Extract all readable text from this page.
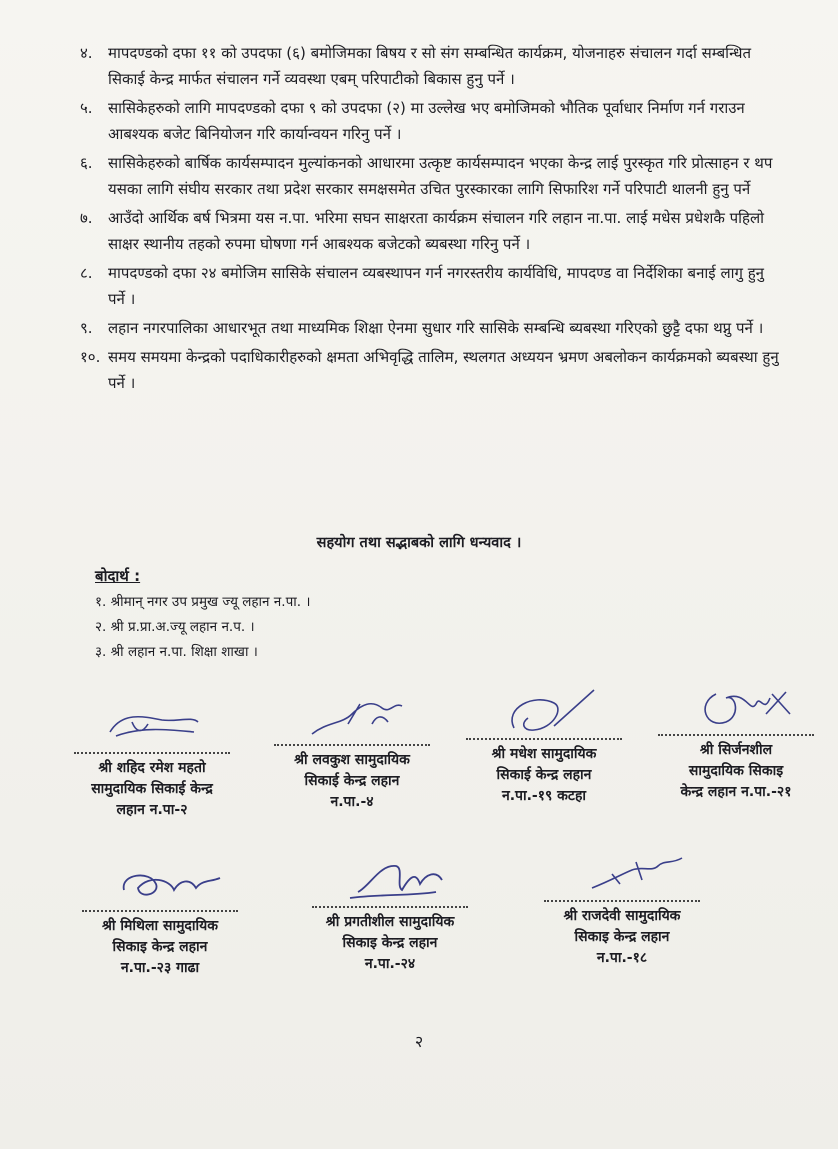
४.	मापदण्डको दफा ११ को उपदफा (६) बमोजिमका बिषय र सो संग सम्बन्धित कार्यक्रम, योजनाहरु संचालन गर्दा सम्बन्धित सिकाई केन्द्र मार्फत संचालन गर्ने व्यवस्था एबम् परिपाटीको बिकास हुनु पर्ने ।
५.	सासिकेहरुको लागि मापदण्डको दफा ९ को उपदफा (२) मा उल्लेख भए बमोजिमको भौतिक पूर्वाधार निर्माण गर्न गराउन आबश्यक बजेट बिनियोजन गरि कार्यान्वयन गरिनु पर्ने ।
६.	सासिकेहरुको बार्षिक कार्यसम्पादन मुल्यांकनको आधारमा उत्कृष्ट कार्यसम्पादन भएका केन्द्र लाई पुरस्कृत गरि प्रोत्साहन र थप यसका लागि संघीय सरकार तथा प्रदेश सरकार समक्षसमेत उचित पुरस्कारका लागि सिफारिश गर्ने परिपाटी थालनी हुनु पर्ने
७.	आउँदो आर्थिक बर्ष भित्रमा यस न.पा. भरिमा सघन साक्षरता कार्यक्रम संचालन गरि लहान ना.पा. लाई मधेस प्रधेशकै पहिलो साक्षर स्थानीय तहको रुपमा घोषणा गर्न आबश्यक बजेटको ब्यबस्था गरिनु पर्ने ।
८.	मापदण्डको दफा २४ बमोजिम सासिके संचालन व्यबस्थापन गर्न नगरस्तरीय कार्यविधि, मापदण्ड वा निर्देशिका बनाई लागु हुनु पर्ने ।
९.	लहान नगरपालिका आधारभूत तथा माध्यमिक शिक्षा ऐनमा सुधार गरि सासिके सम्बन्धि ब्यबस्था गरिएको छुट्टै दफा थप्नु पर्ने ।
१०. समय समयमा केन्द्रको पदाधिकारीहरुको क्षमता अभिवृद्धि तालिम, स्थलगत अध्ययन भ्रमण अबलोकन कार्यक्रमको ब्यबस्था हुनु पर्ने ।
सहयोग तथा सद्भाबको लागि धन्यवाद ।
बोदार्थ :
१. श्रीमान् नगर उप प्रमुख ज्यू लहान न.पा. ।
२. श्री प्र.प्रा.अ.ज्यू लहान न.प. ।
३. श्री लहान न.पा. शिक्षा शाखा ।
श्री शहिद रमेश महतो
सामुदायिक सिकाई केन्द्र
लहान न.पा-२
श्री लवकुश सामुदायिक
सिकाई केन्द्र लहान
न.पा.-४
श्री मधेश सामुदायिक
सिकाई केन्द्र लहान
न.पा.-१९ कटहा
श्री सिर्जनशील
सामुदायिक सिकाइ
केन्द्र लहान न.पा.-२१
श्री मिथिला सामुदायिक
सिकाइ केन्द्र लहान
न.पा.-२३ गाढा
श्री प्रगतीशील सामुदायिक
सिकाइ केन्द्र लहान
न.पा.-२४
श्री राजदेवी सामुदायिक
सिकाइ केन्द्र लहान
न.पा.-१८
२
